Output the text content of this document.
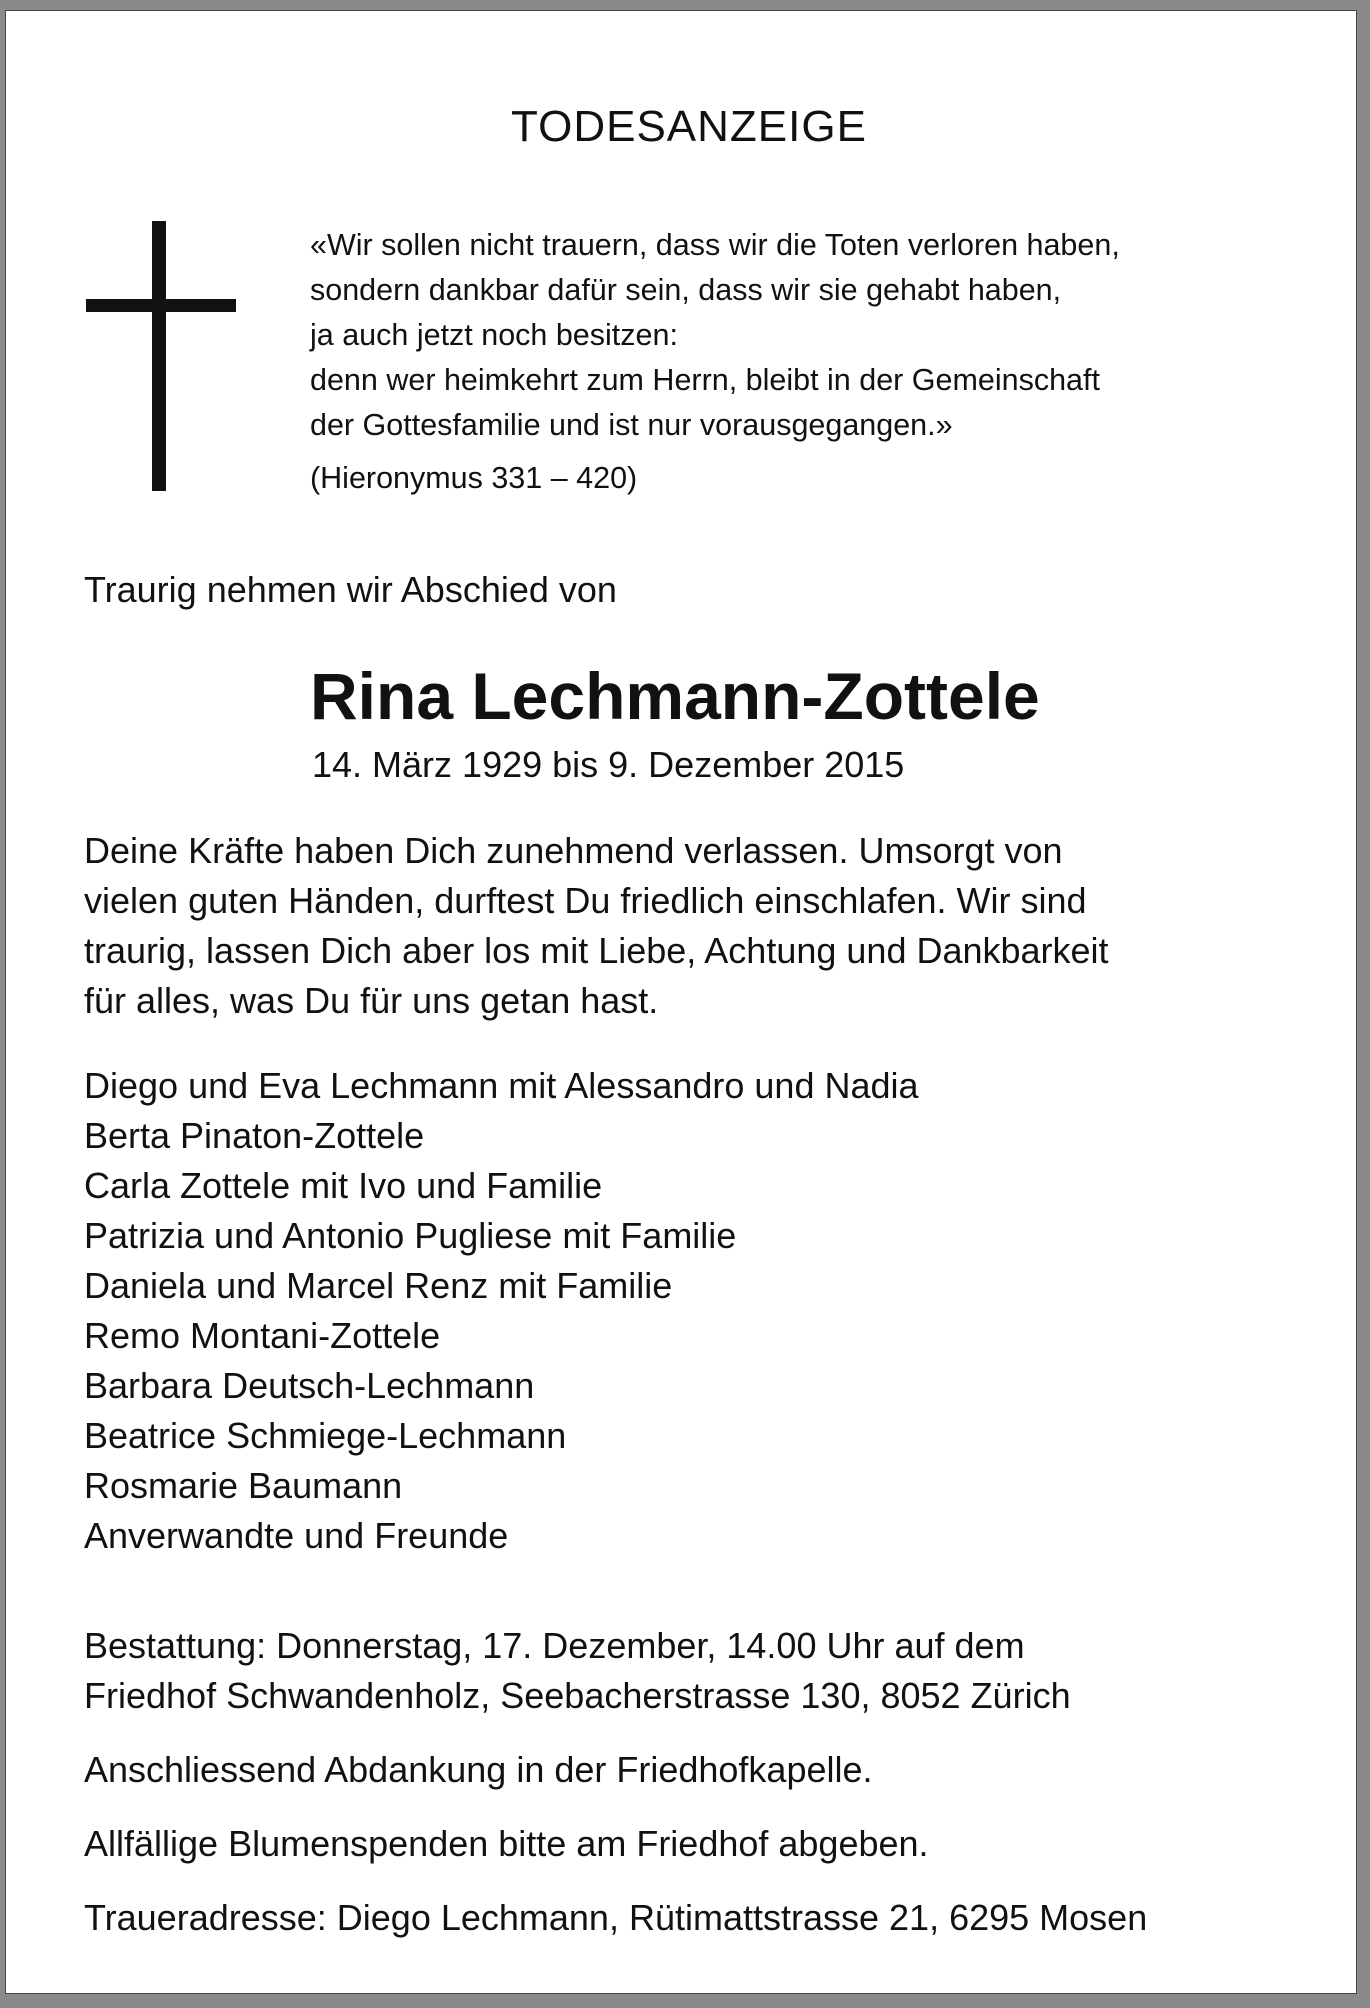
TODESANZEIGE
«Wir sollen nicht trauern, dass wir die Toten verloren haben,
sondern dankbar dafür sein, dass wir sie gehabt haben,
ja auch jetzt noch besitzen:
denn wer heimkehrt zum Herrn, bleibt in der Gemeinschaft
der Gottesfamilie und ist nur vorausgegangen.»
(Hieronymus 331 – 420)
Traurig nehmen wir Abschied von
Rina Lechmann-Zottele
14. März 1929 bis 9. Dezember 2015
Deine Kräfte haben Dich zunehmend verlassen. Umsorgt von
vielen guten Händen, durftest Du friedlich einschlafen. Wir sind
traurig, lassen Dich aber los mit Liebe, Achtung und Dankbarkeit
für alles, was Du für uns getan hast.
Diego und Eva Lechmann mit Alessandro und Nadia
Berta Pinaton-Zottele
Carla Zottele mit Ivo und Familie
Patrizia und Antonio Pugliese mit Familie
Daniela und Marcel Renz mit Familie
Remo Montani-Zottele
Barbara Deutsch-Lechmann
Beatrice Schmiege-Lechmann
Rosmarie Baumann
Anverwandte und Freunde
Bestattung: Donnerstag, 17. Dezember, 14.00 Uhr auf dem
Friedhof Schwandenholz, Seebacherstrasse 130, 8052 Zürich
Anschliessend Abdankung in der Friedhofkapelle.
Allfällige Blumenspenden bitte am Friedhof abgeben.
Traueradresse: Diego Lechmann, Rütimattstrasse 21, 6295 Mosen
